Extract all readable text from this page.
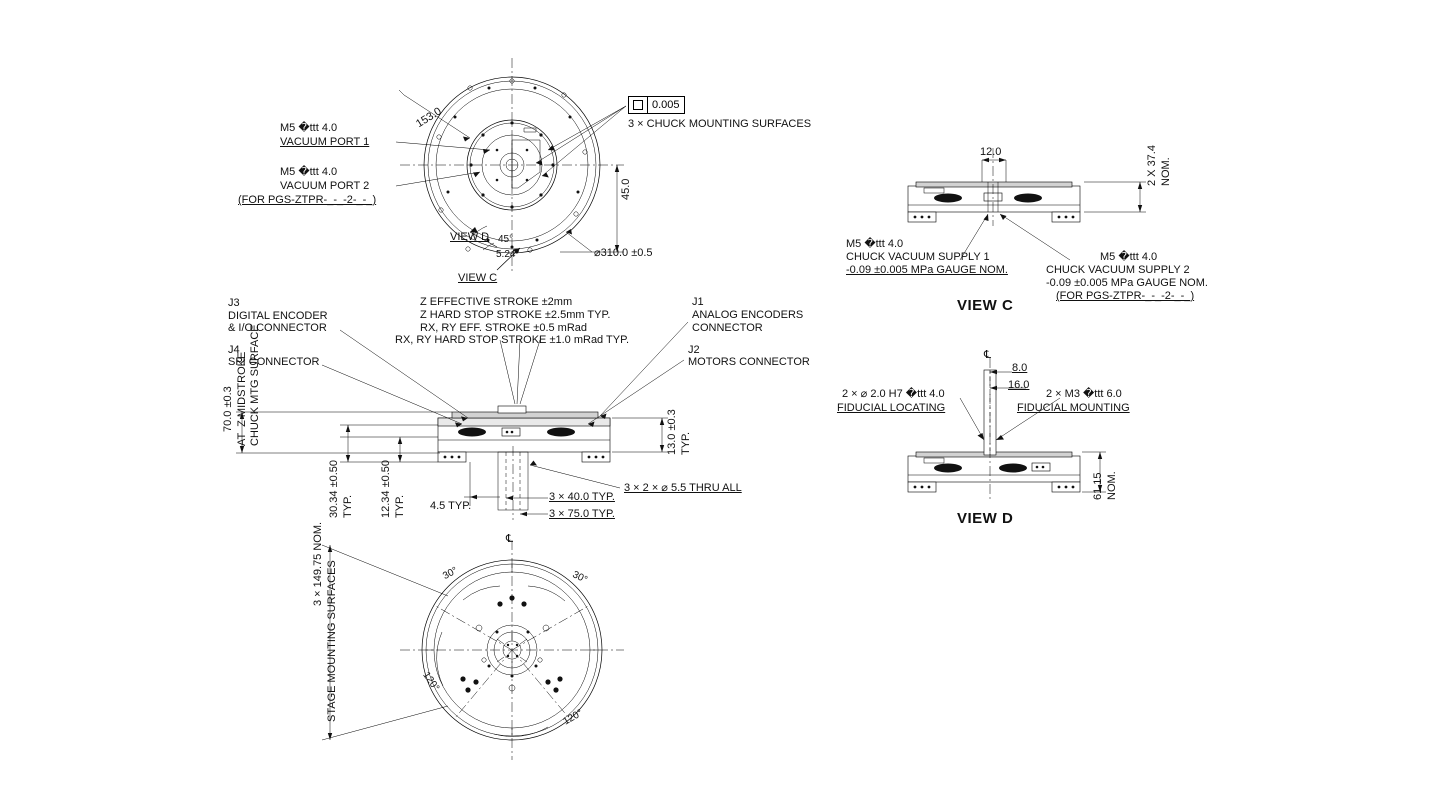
153.0
M5 �ttt 4.0
VACUUM PORT 1
M5 �ttt 4.0
VACUUM PORT 2
(FOR PGS-ZTPR-_-_-2-_-_)
0.005
3 × CHUCK MOUNTING SURFACES
45.0
⌀310.0 ±0.5
VIEW D
VIEW C
45°
5.24°
J3
DIGITAL ENCODER
& I/O CONNECTOR
J4
SPI CONNECTOR
Z EFFECTIVE STROKE ±2mm
Z HARD STOP STROKE ±2.5mm TYP.
RX, RY EFF. STROKE ±0.5 mRad
RX, RY HARD STOP STROKE ±1.0 mRad TYP.
J1
ANALOG ENCODERS
CONNECTOR
J2
MOTORS CONNECTOR
70.0 ±0.3 AT  Z MIDSTROKE CHUCK MTG SURFACE
30.34 ±0.50 TYP. 12.34 ±0.50 TYP.
13.0 ±0.3 TYP.
4.5 TYP.
3 × 40.0 TYP.
3 × 75.0 TYP.
3 × 2 × ⌀ 5.5 THRU ALL
12.0	2 X 37.4 NOM.
M5 �ttt 4.0
CHUCK VACUUM SUPPLY 1
-0.09 ±0.005 MPa GAUGE NOM.
M5 �ttt 4.0
CHUCK VACUUM SUPPLY 2
-0.09 ±0.005 MPa GAUGE NOM.
(FOR PGS-ZTPR-_-_-2-_-_)
VIEW C
℄
8.0
16.0
2 × ⌀ 2.0 H7 �ttt 4.0
FIDUCIAL LOCATING
2 × M3 �ttt 6.0
FIDUCIAL MOUNTING
61.15 NOM.
VIEW D
℄
30°	30°
120°
120°
3 × 149.75 NOM. STAGE MOUNTING SURFACES
